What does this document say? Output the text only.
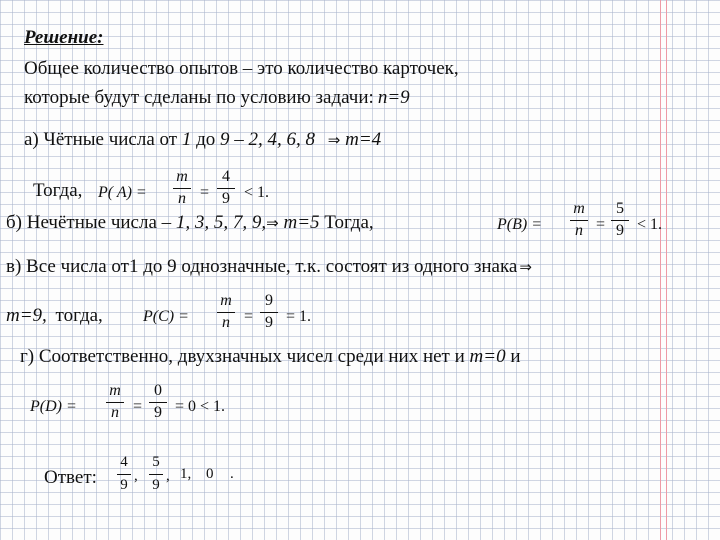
Решение:
Общее количество опытов – это количество карточек,
которые будут сделаны по условию задачи: n=9
а) Чётные числа от 1 до 9 – 2, 4, 6, 8 ⇒ m=4
Тогда, P( A) =
m
n =
4
9 < 1.
б) Нечётные числа – 1, 3, 5, 7, 9,⇒ m=5 Тогда,	P(B) =
m
n =
5
9 < 1.
в) Все числа от1 до 9 однозначные, т.к. состоят из одного знака ⇒
m=9, тогда,	P(C) =
m
n =
9
9 = 1.
г) Соответственно, двухзначных чисел среди них нет и m=0 и
P(D) =
m
n =
0
9 = 0 < 1.
Ответ:
4
9
,
5
9
, 1, 0 .
